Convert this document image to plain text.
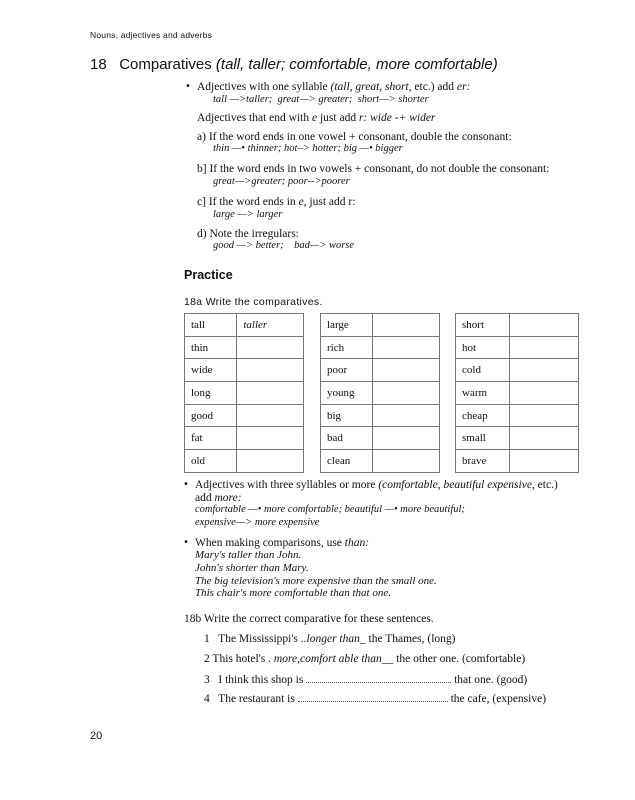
Nouns, adjectives and adverbs
18 Comparatives (tall, taller; comfortable, more comfortable)
• Adjectives with one syllable (tall, great, short, etc.) add er:
tall —>taller;  great—> greater;  short—> shorter
Adjectives that end with e just add r: wide -+ wider
a) If the word ends in one vowel + consonant, double the consonant:
thin —• thinner; hot–> hotter; big —• bigger
b] If the word ends in two vowels + consonant, do not double the consonant:
great—>greater; poor-->poorer
c] If the word ends in e, just add r:
large —> larger
d) Note the irregulars:
good —> better;    bad—> worse
Practice
18a Write the comparatives.
tall	taller
thin	
wide	
long	
good	
fat	
old	
large	
rich	
poor	
young	
big	
bad	
clean	
short	
hot	
cold	
warm	
cheap	
small	
brave	
• Adjectives with three syllables or more (comfortable, beautiful expensive, etc.)
add more:
comfortable —• more comfortable; beautiful —• more beautiful;
expensive—> more expensive
• When making comparisons, use than:
Mary's taller than John.
John's shorter than Mary.
The big television's more expensive than the small one.
This chair's more comfortable than that one.
18b Write the correct comparative for these sentences.
1 The Mississippi's ..longer than_ the Thames, (long)
2 This hotel's . more,comfort able than__ the other one. (comfortable)
3 I think this shop is	that one. (good)
4 The restaurant is	the cafe, (expensive)
20
